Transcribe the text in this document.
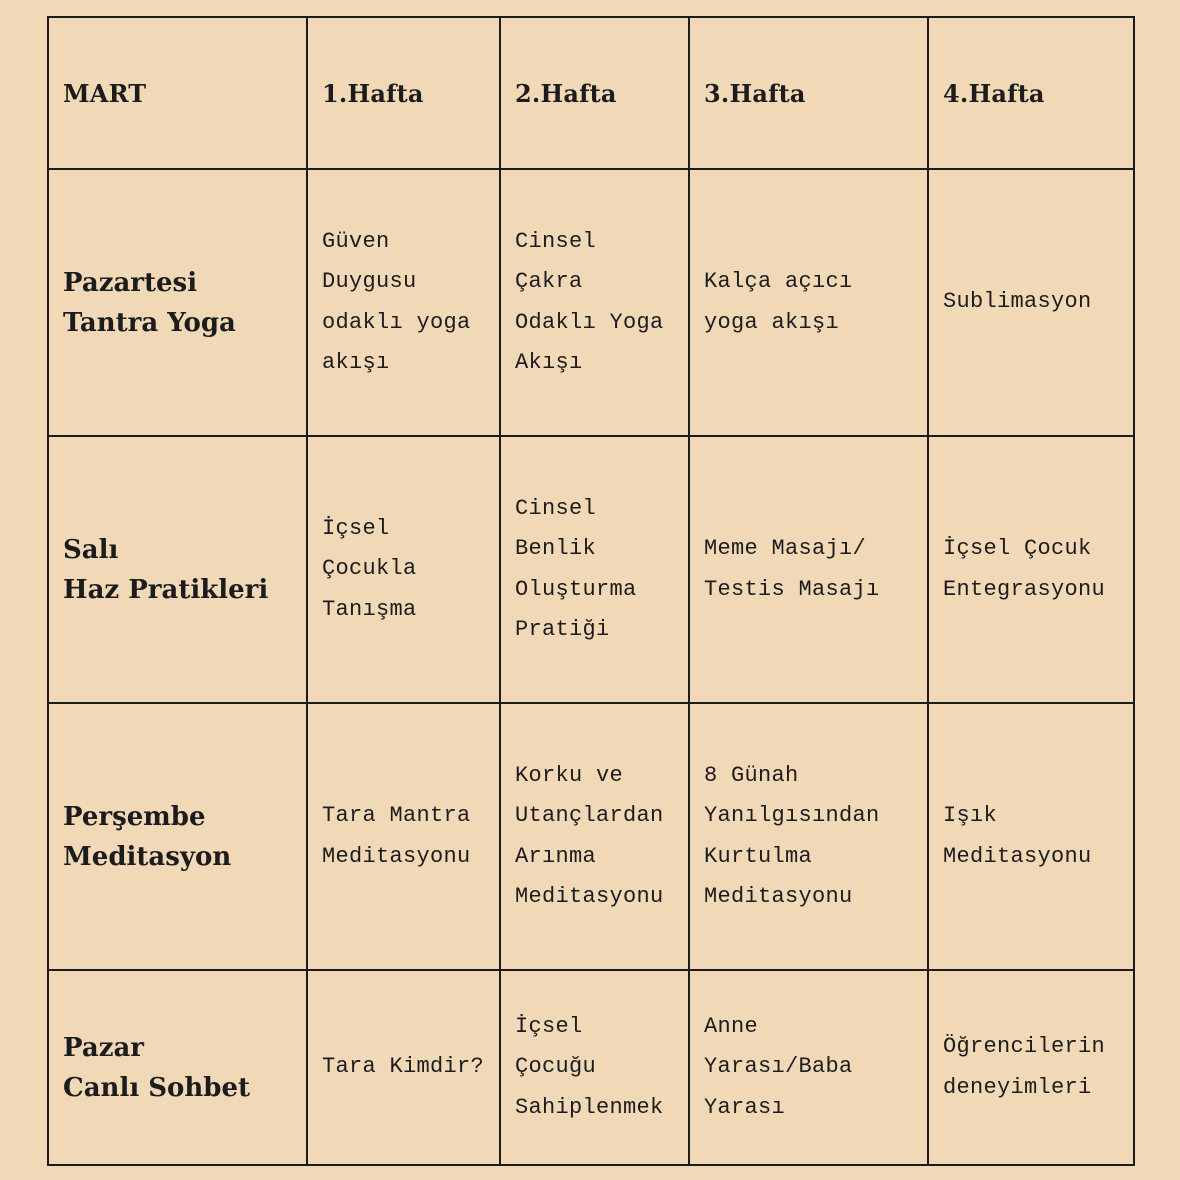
MART	1.Hafta	2.Hafta	3.Hafta	4.Hafta

Pazartesi
Tantra Yoga	Güven Duygusu odaklı yoga akışı	Cinsel Çakra Odaklı Yoga Akışı	Kalça açıcı yoga akışı	Sublimasyon

Salı
Haz Pratikleri	İçsel Çocukla Tanışma	Cinsel Benlik Oluşturma Pratiği	Meme Masajı/ Testis Masajı	İçsel Çocuk Entegrasyonu

Perşembe
Meditasyon	Tara Mantra Meditasyonu	Korku ve Utançlardan Arınma Meditasyonu	8 Günah Yanılgısından Kurtulma Meditasyonu	Işık Meditasyonu

Pazar
Canlı Sohbet	Tara Kimdir?	İçsel Çocuğu Sahiplenmek	Anne Yarası/Baba Yarası	Öğrencilerin deneyimleri
